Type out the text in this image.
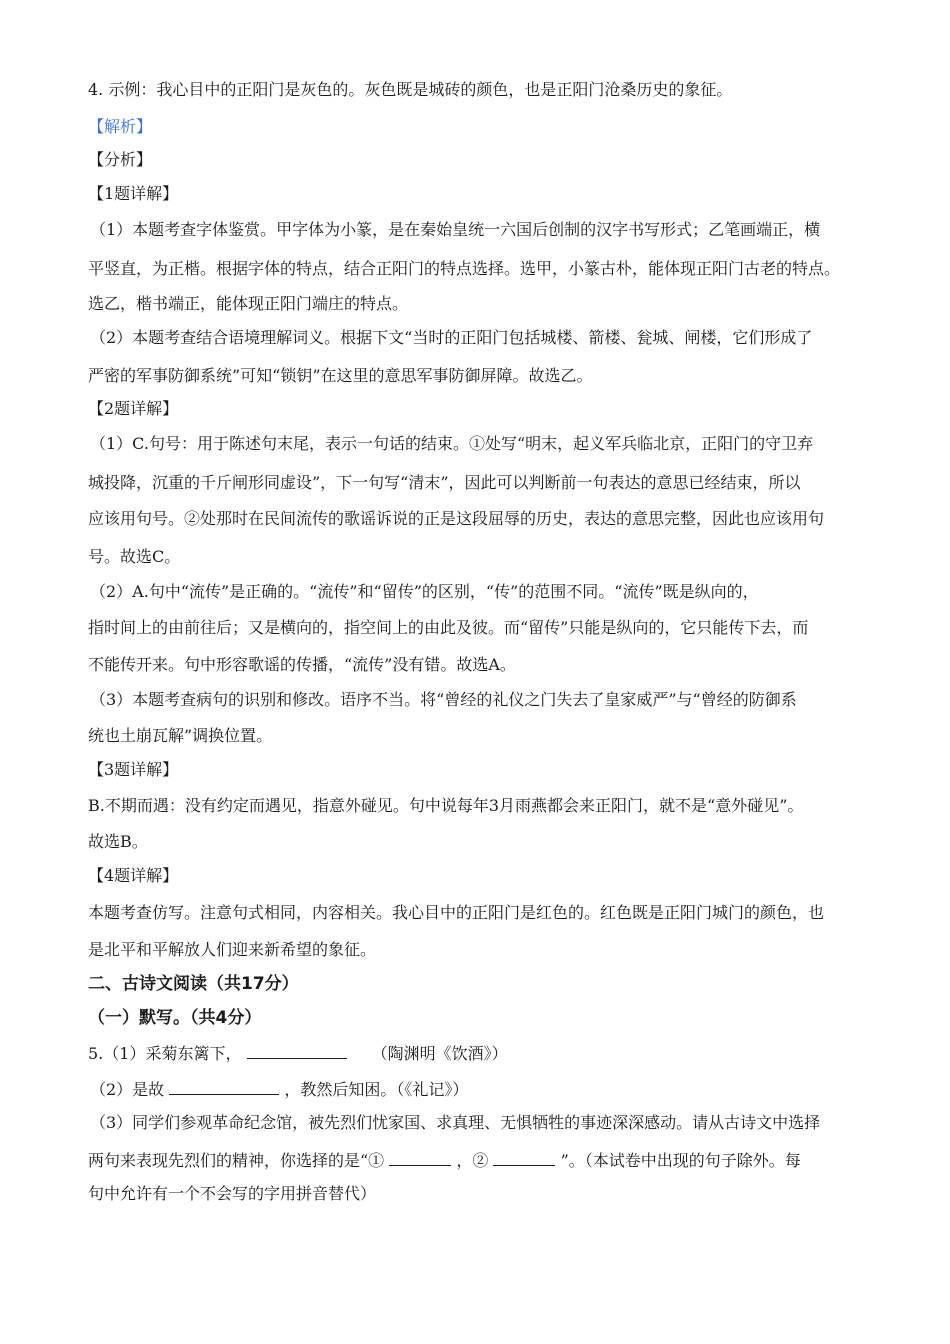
4. 示例：我心目中的正阳门是灰色的。灰色既是城砖的颜色，也是正阳门沧桑历史的象征。
【解析】
【分析】
【1题详解】
（1）本题考查字体鉴赏。甲字体为小篆，是在秦始皇统一六国后创制的汉字书写形式；乙笔画端正，横
平竖直，为正楷。根据字体的特点，结合正阳门的特点选择。选甲，小篆古朴，能体现正阳门古老的特点。
选乙，楷书端正，能体现正阳门端庄的特点。
（2）本题考查结合语境理解词义。根据下文“当时的正阳门包括城楼、箭楼、瓮城、闸楼，它们形成了
严密的军事防御系统”可知“锁钥”在这里的意思军事防御屏障。故选乙。
【2题详解】
（1）C.句号：用于陈述句末尾，表示一句话的结束。①处写“明末，起义军兵临北京，正阳门的守卫弃
城投降，沉重的千斤闸形同虚设”，下一句写“清末”，因此可以判断前一句表达的意思已经结束，所以
应该用句号。②处那时在民间流传的歌谣诉说的正是这段屈辱的历史，表达的意思完整，因此也应该用句
号。故选C。
（2）A.句中“流传”是正确的。“流传”和“留传”的区别，“传”的范围不同。“流传”既是纵向的，
指时间上的由前往后；又是横向的，指空间上的由此及彼。而“留传”只能是纵向的，它只能传下去，而
不能传开来。句中形容歌谣的传播，“流传”没有错。故选A。
（3）本题考查病句的识别和修改。语序不当。将“曾经的礼仪之门失去了皇家威严”与“曾经的防御系
统也土崩瓦解”调换位置。
【3题详解】
B.不期而遇：没有约定而遇见，指意外碰见。句中说每年3月雨燕都会来正阳门，就不是“意外碰见”。
故选B。
【4题详解】
本题考查仿写。注意句式相同，内容相关。我心目中的正阳门是红色的。红色既是正阳门城门的颜色，也
是北平和平解放人们迎来新希望的象征。
二、古诗文阅读（共17分）
（一）默写。（共4分）
5.（1）采菊东篱下，	（陶渊明《饮酒》）
（2）是故	，教然后知困。（《礼记》）
（3）同学们参观革命纪念馆，被先烈们忧家国、求真理、无惧牺牲的事迹深深感动。请从古诗文中选择
两句来表现先烈们的精神，你选择的是“①	，②	”。（本试卷中出现的句子除外。每
句中允许有一个不会写的字用拼音替代）
